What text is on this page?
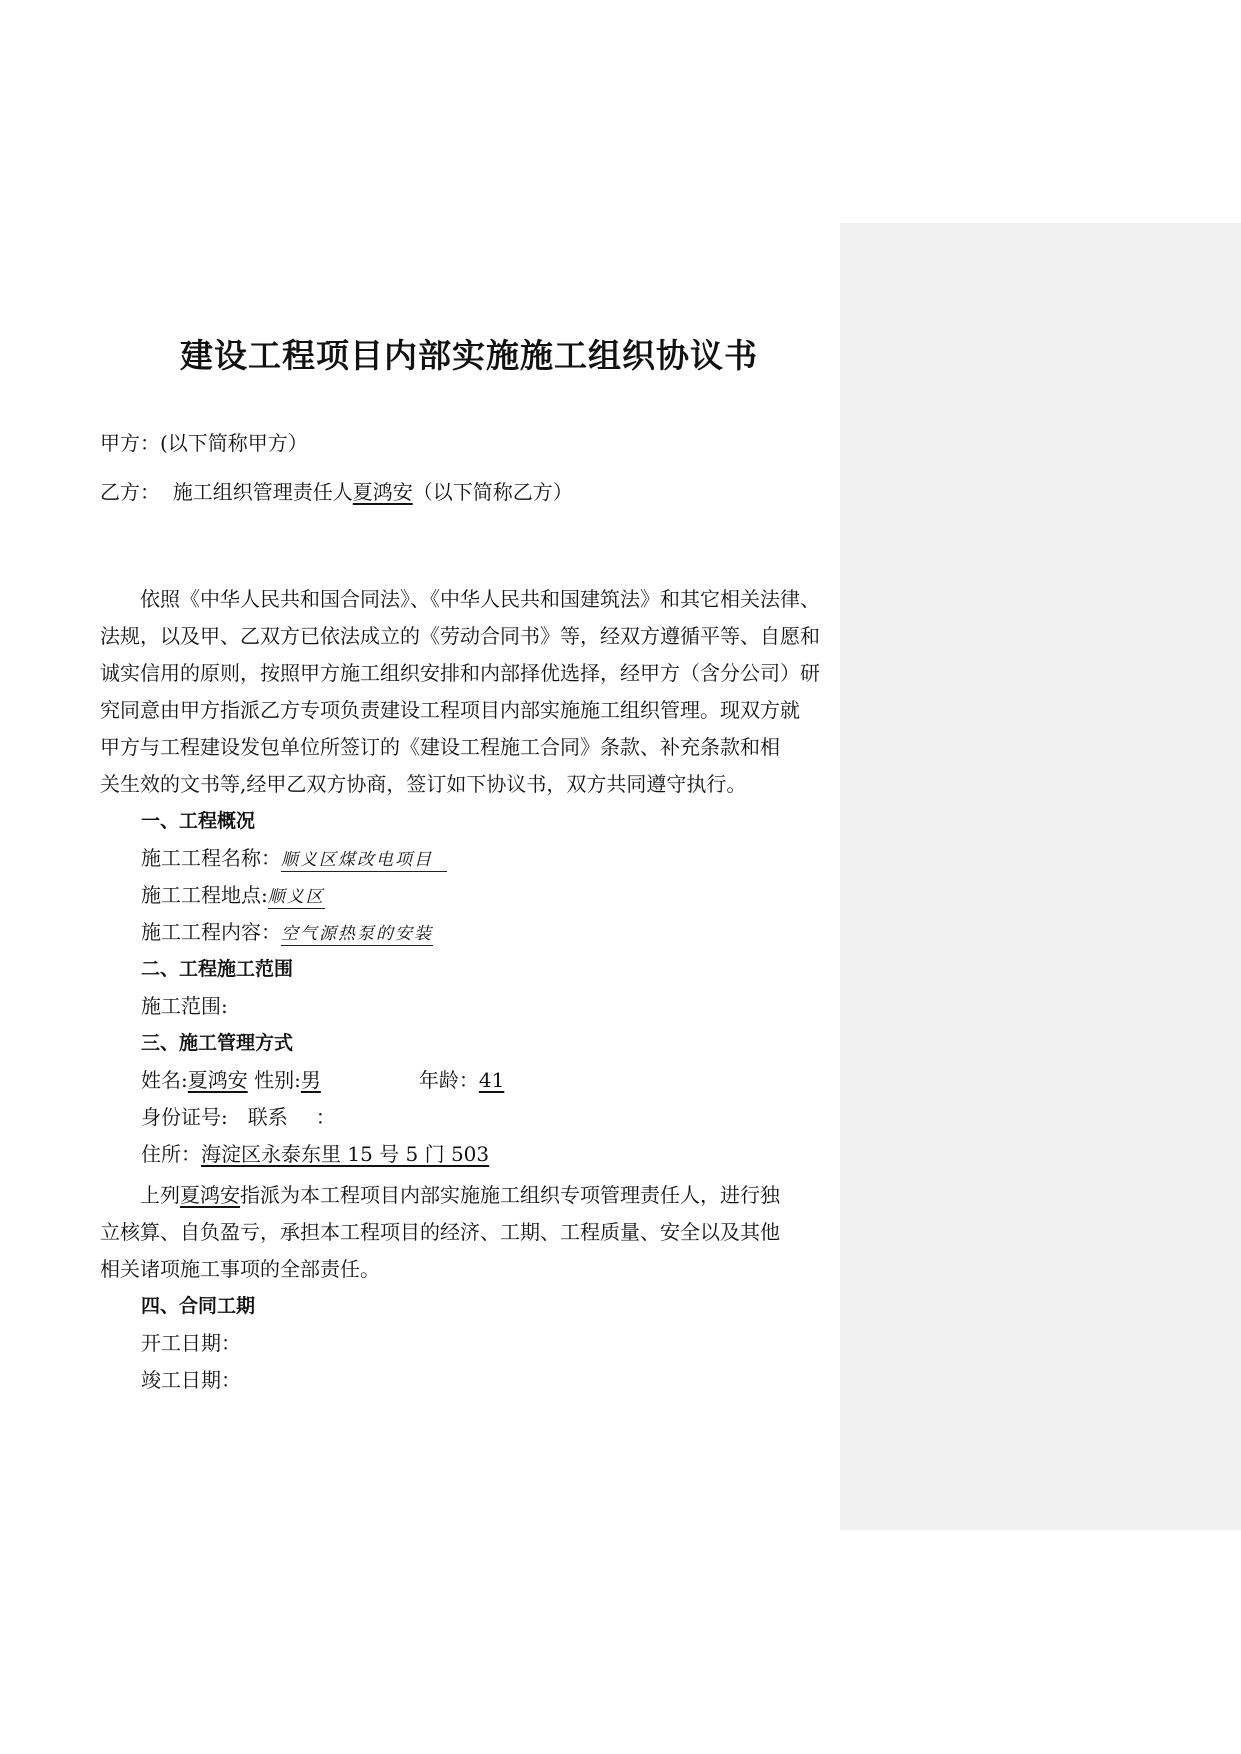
建设工程项目内部实施施工组织协议书
甲方：(以下简称甲方）
乙方：  施工组织管理责任人夏鸿安（以下简称乙方）
依照《中华人民共和国合同法》、《中华人民共和国建筑法》和其它相关法律、
法规，以及甲、乙双方已依法成立的《劳动合同书》等，经双方遵循平等、自愿和
诚实信用的原则，按照甲方施工组织安排和内部择优选择，经甲方（含分公司）研
究同意由甲方指派乙方专项负责建设工程项目内部实施施工组织管理。现双方就
甲方与工程建设发包单位所签订的《建设工程施工合同》条款、补充条款和相
关生效的文书等,经甲乙双方协商，签订如下协议书，双方共同遵守执行。
一、工程概况
施工工程名称：顺义区煤改电项目
施工工程地点:顺义区
施工工程内容：空气源热泵的安装
二、工程施工范围
施工范围:
三、施工管理方式
姓名:夏鸿安 性别:男	年龄：41
身份证号: 联系 ：
住所：海淀区永泰东里 15 号 5 门 503
上列夏鸿安指派为本工程项目内部实施施工组织专项管理责任人，进行独
立核算、自负盈亏，承担本工程项目的经济、工期、工程质量、安全以及其他
相关诸项施工事项的全部责任。
四、合同工期
开工日期：
竣工日期：
